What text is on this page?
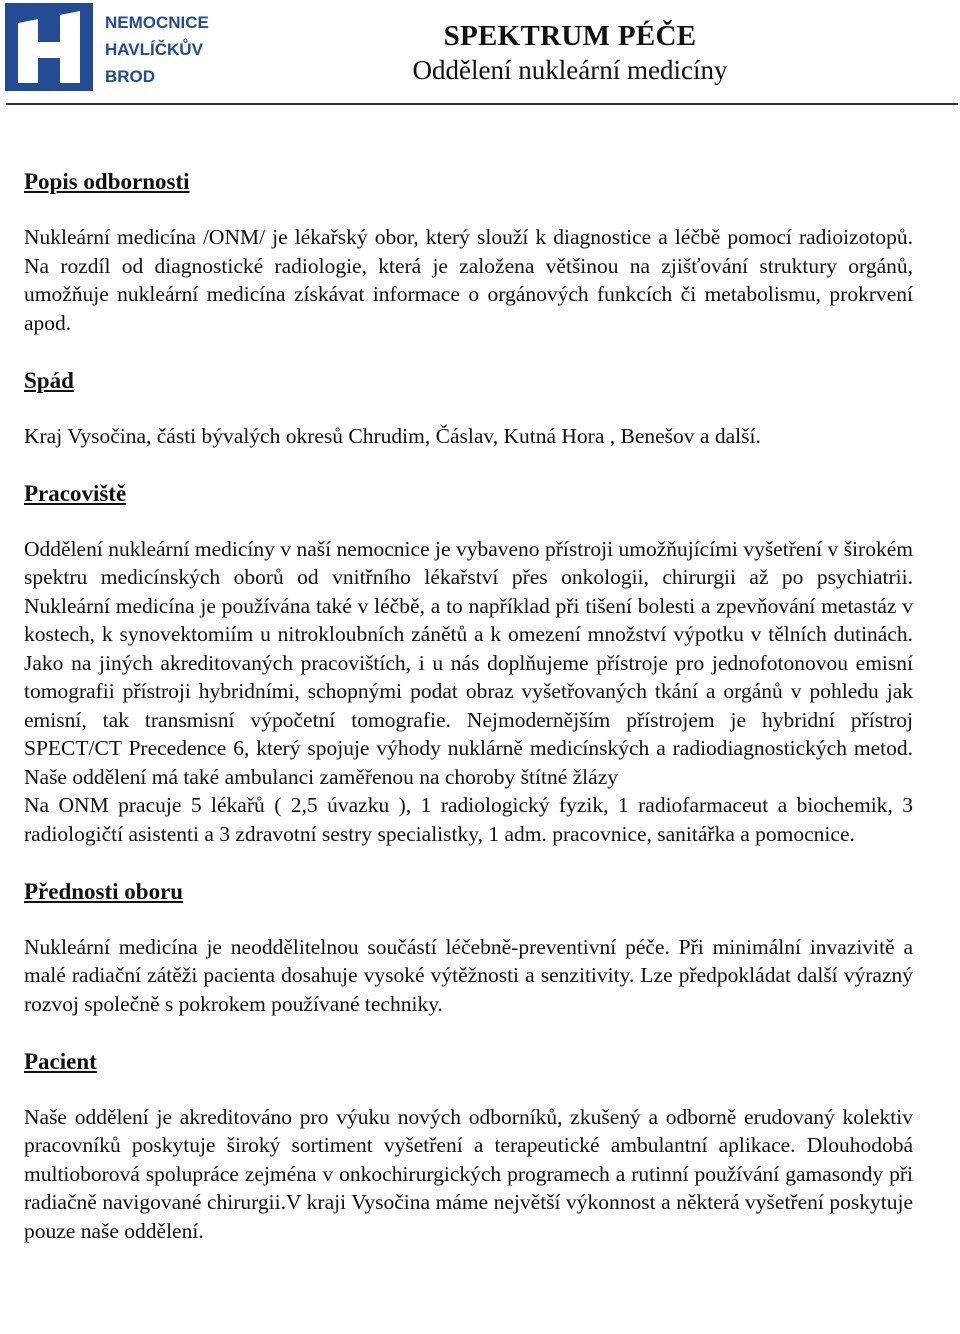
NEMOCNICE
HAVLÍČKŮV
BROD
SPEKTRUM PÉČE
Oddělení nukleární medicíny
Popis odbornosti

Nukleární medicína /ONM/ je lékařský obor, který slouží k diagnostice a léčbě pomocí radioizotopů. Na rozdíl od diagnostické radiologie, která je založena většinou na zjišťování struktury orgánů, umožňuje nukleární medicína získávat informace o orgánových funkcích či metabolismu, prokrvení apod.

Spád

Kraj Vysočina, části bývalých okresů Chrudim, Čáslav, Kutná Hora , Benešov a další.

Pracoviště

Oddělení nukleární medicíny v naší nemocnice je vybaveno přístroji umožňujícími vyšetření v širokém spektru medicínských oborů od vnitřního lékařství přes onkologii, chirurgii až po psychiatrii. Nukleární medicína je používána také v léčbě, a to například při tišení bolesti a zpevňování metastáz v kostech, k synovektomiím u nitrokloubních zánětů a k omezení množství výpotku v tělních dutinách. Jako na jiných akreditovaných pracovištích, i u nás doplňujeme přístroje pro jednofotonovou emisní tomografii přístroji hybridními, schopnými podat obraz vyšetřovaných tkání a orgánů v pohledu jak emisní, tak transmisní výpočetní tomografie. Nejmodernějším přístrojem je hybridní přístroj SPECT/CT Precedence 6, který spojuje výhody nuklárně medicínských a radiodiagnostických metod. Naše oddělení má také ambulanci zaměřenou na choroby štítné žlázy

Na ONM pracuje 5 lékařů ( 2,5 úvazku ), 1 radiologický fyzik, 1 radiofarmaceut a biochemik, 3 radiologičtí asistenti a 3 zdravotní sestry specialistky, 1 adm. pracovnice, sanitářka a pomocnice.

Přednosti oboru

Nukleární medicína je neoddělitelnou součástí léčebně-preventivní péče. Při minimální invazivitě a malé radiační zátěži pacienta dosahuje vysoké výtěžnosti a senzitivity. Lze předpokládat další výrazný rozvoj společně s pokrokem používané techniky.

Pacient

Naše oddělení je akreditováno pro výuku nových odborníků, zkušený a odborně erudovaný kolektiv pracovníků poskytuje široký sortiment vyšetření a terapeutické ambulantní aplikace. Dlouhodobá multioborová spolupráce zejména v onkochirurgických programech a rutinní používání gamasondy při radiačně navigované chirurgii.V kraji Vysočina máme největší výkonnost a některá vyšetření poskytuje pouze naše oddělení.
